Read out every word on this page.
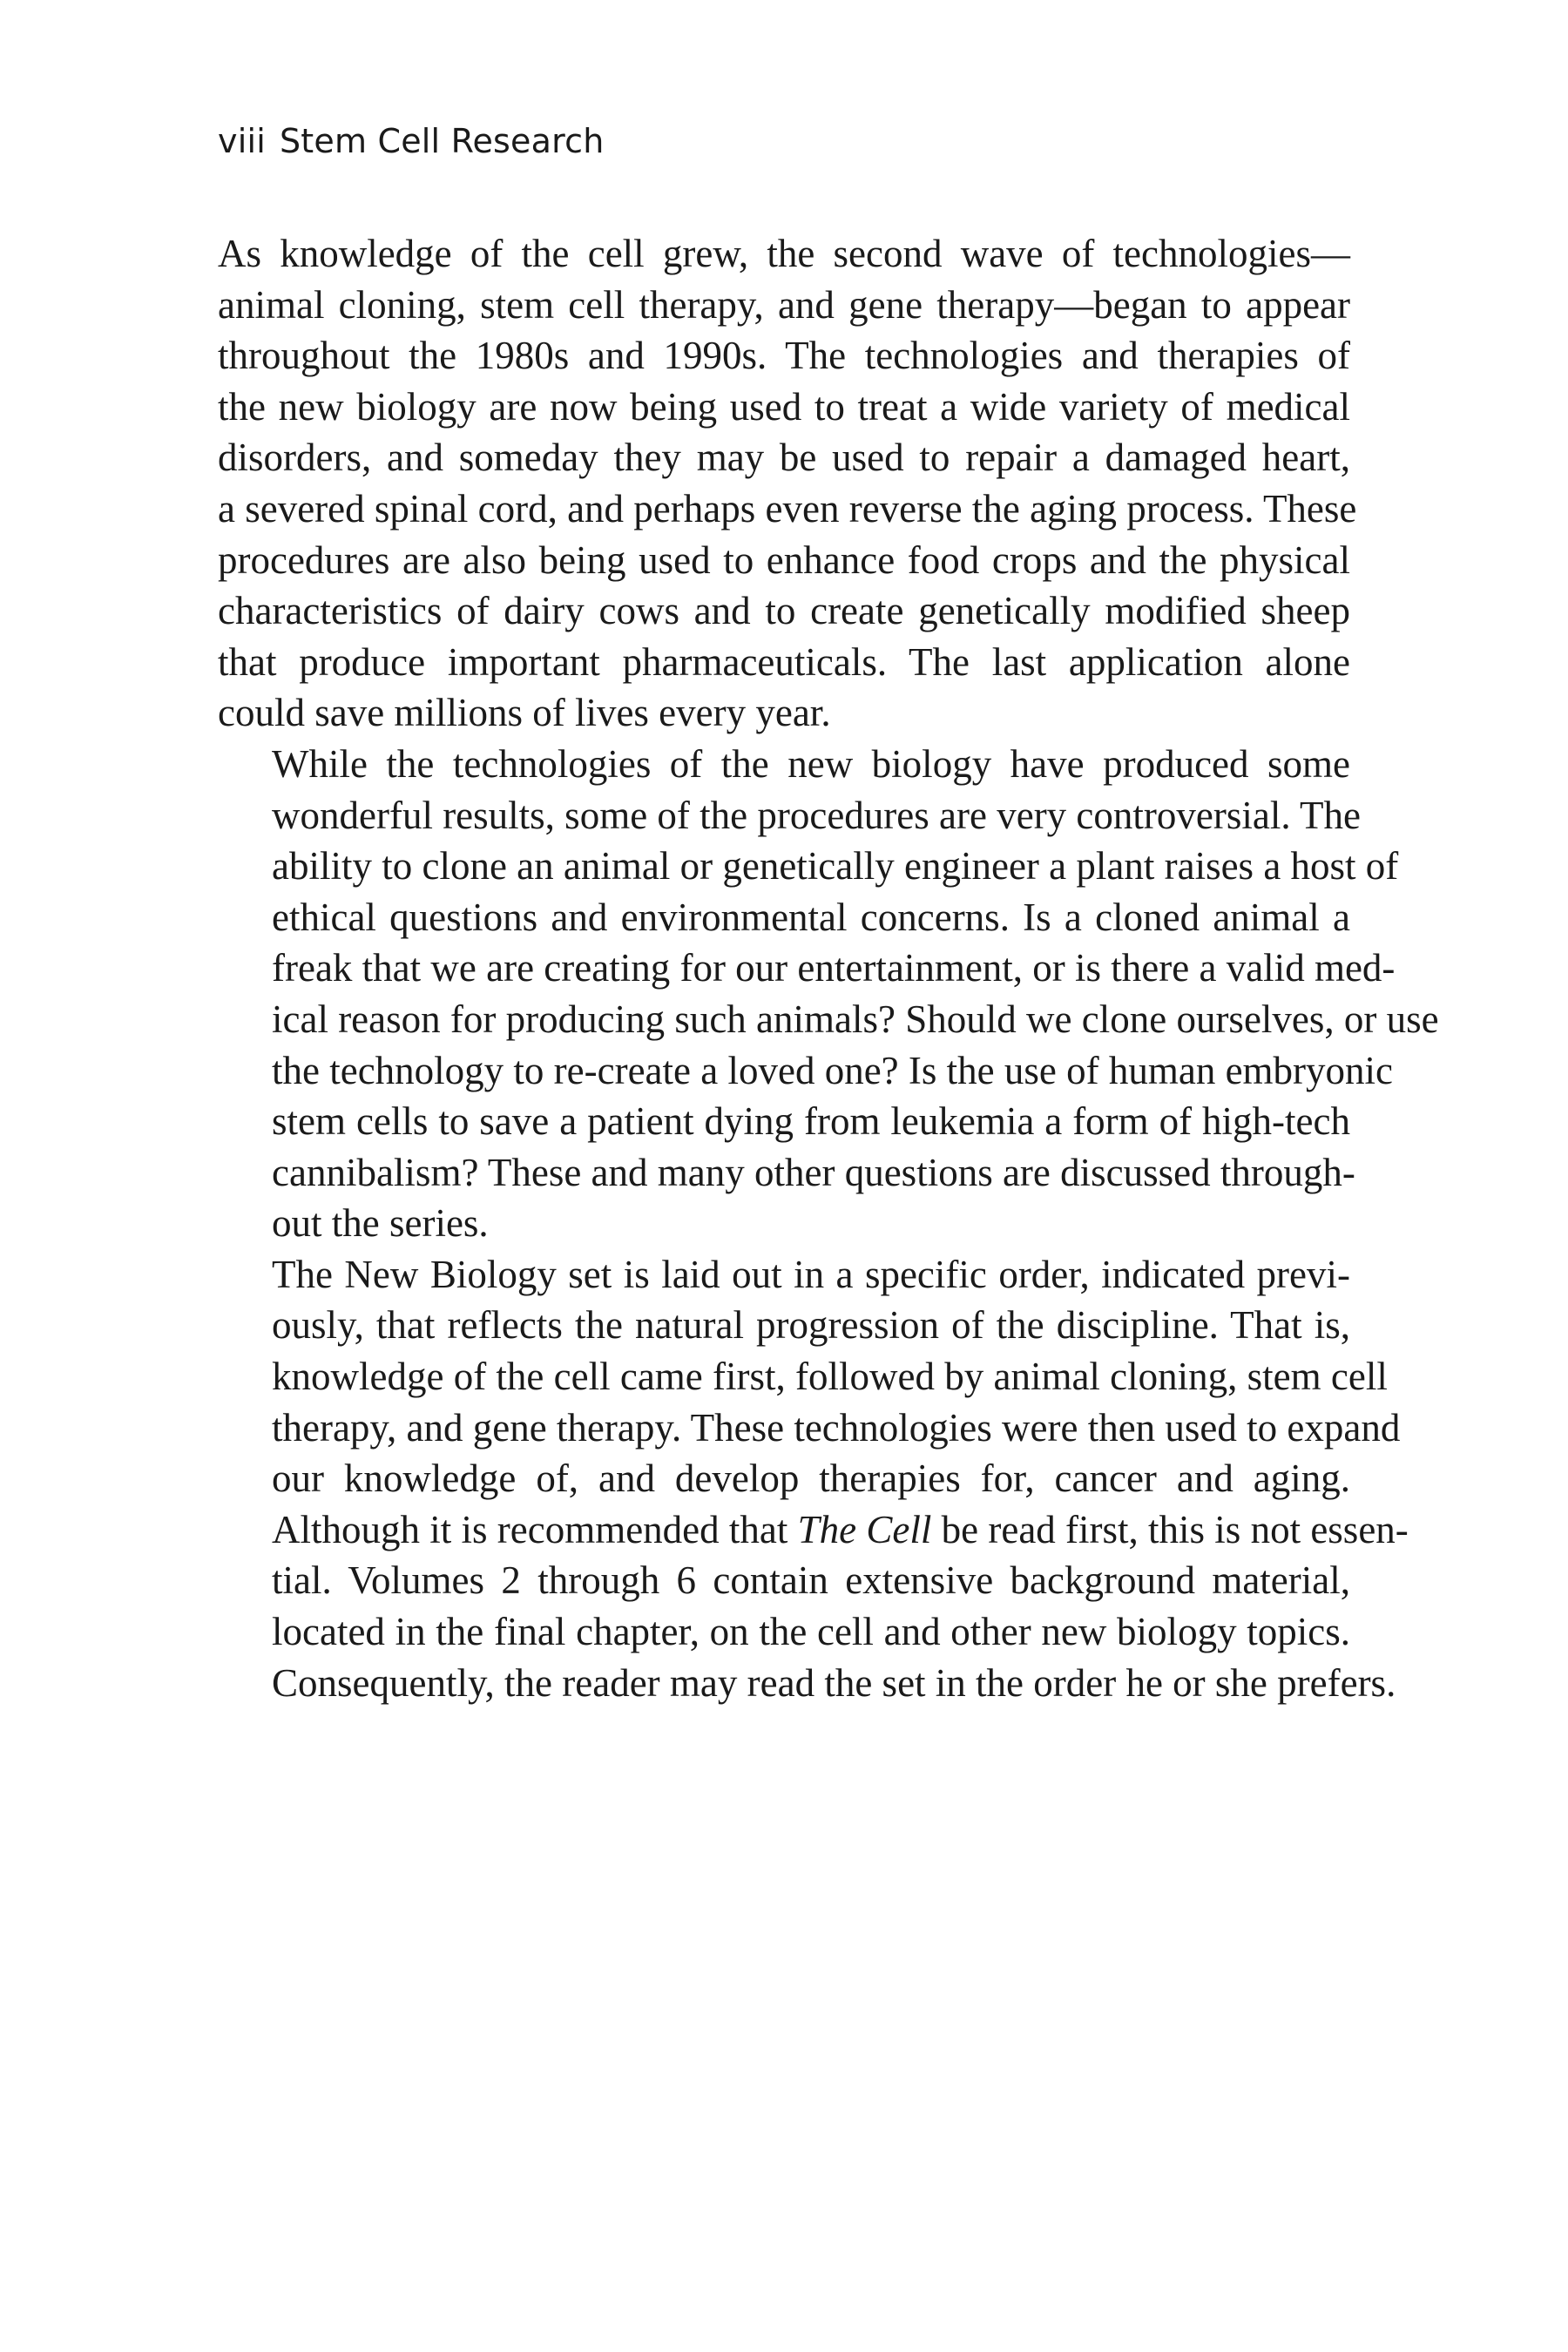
viii Stem Cell Research

As knowledge of the cell grew, the second wave of technologies—
animal cloning, stem cell therapy, and gene therapy—began to appear
throughout the 1980s and 1990s. The technologies and therapies of
the new biology are now being used to treat a wide variety of medical
disorders, and someday they may be used to repair a damaged heart,
a severed spinal cord, and perhaps even reverse the aging process. These
procedures are also being used to enhance food crops and the physical
characteristics of dairy cows and to create genetically modified sheep
that produce important pharmaceuticals. The last application alone
could save millions of lives every year.

While the technologies of the new biology have produced some
wonderful results, some of the procedures are very controversial. The
ability to clone an animal or genetically engineer a plant raises a host of
ethical questions and environmental concerns. Is a cloned animal a
freak that we are creating for our entertainment, or is there a valid med-
ical reason for producing such animals? Should we clone ourselves, or use
the technology to re-create a loved one? Is the use of human embryonic
stem cells to save a patient dying from leukemia a form of high-tech
cannibalism? These and many other questions are discussed through-
out the series.

The New Biology set is laid out in a specific order, indicated previ-
ously, that reflects the natural progression of the discipline. That is,
knowledge of the cell came first, followed by animal cloning, stem cell
therapy, and gene therapy. These technologies were then used to expand
our knowledge of, and develop therapies for, cancer and aging.
Although it is recommended that The Cell be read first, this is not essen-
tial. Volumes 2 through 6 contain extensive background material,
located in the final chapter, on the cell and other new biology topics.
Consequently, the reader may read the set in the order he or she prefers.
